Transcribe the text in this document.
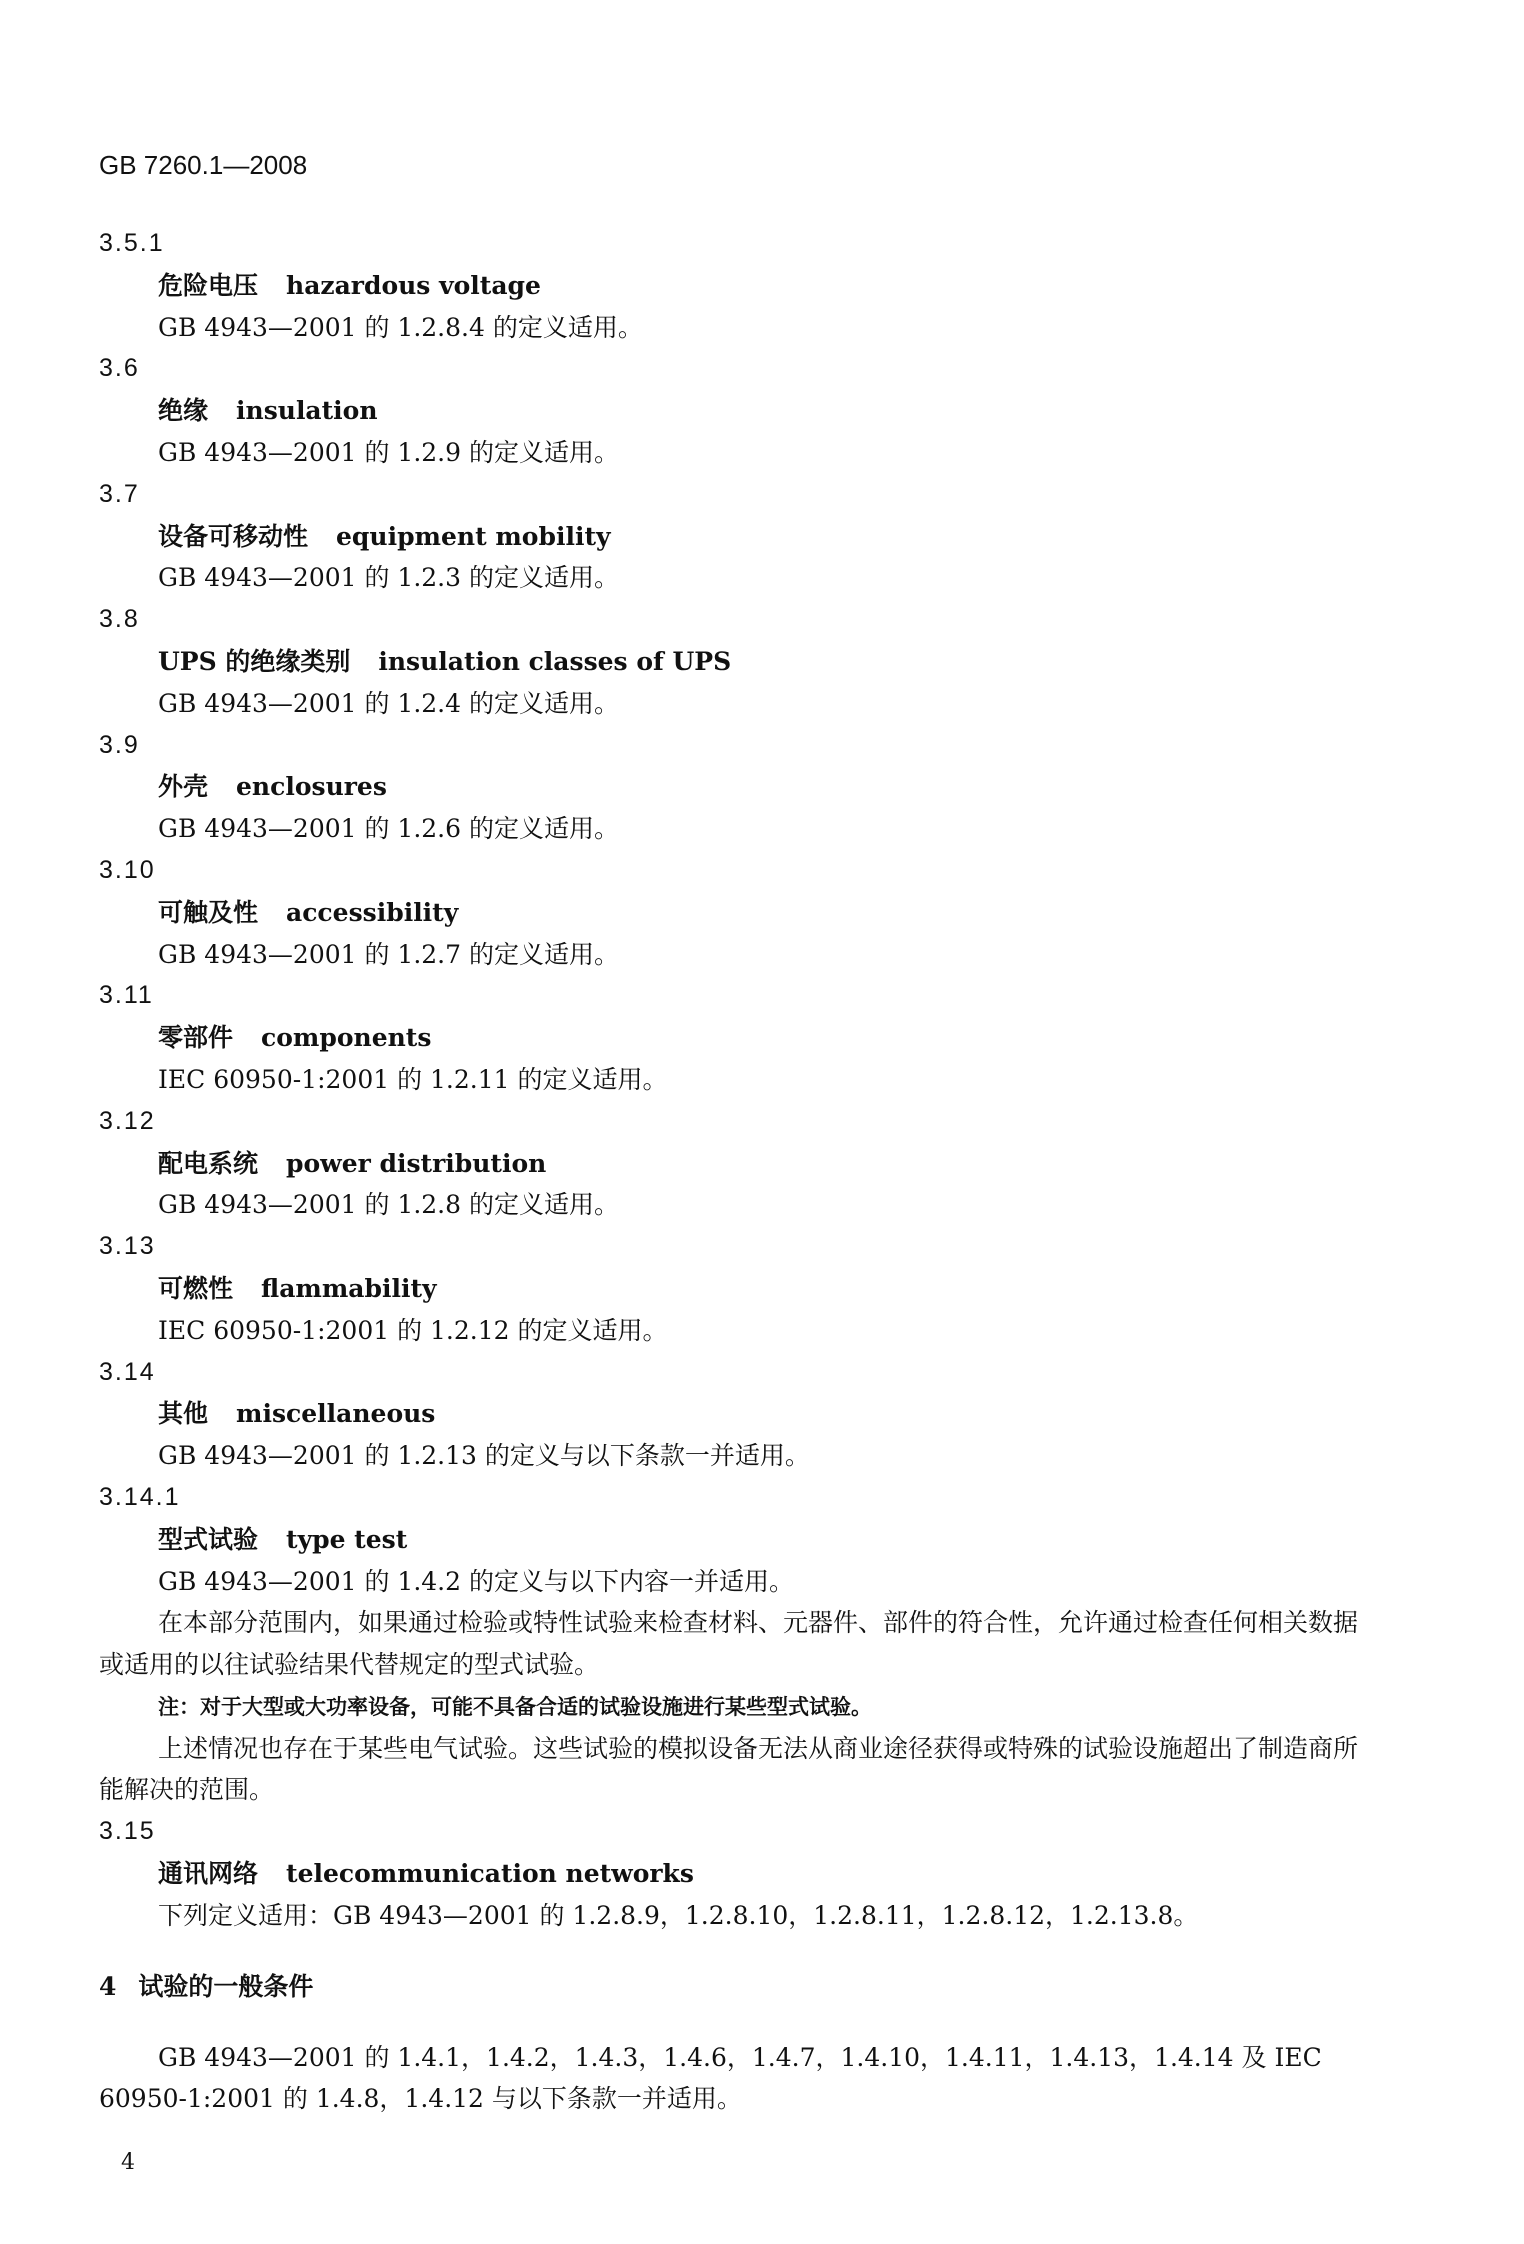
GB 7260.1—2008
3.5.1
危险电压 hazardous voltage
GB 4943—2001 的 1.2.8.4 的定义适用。
3.6
绝缘 insulation
GB 4943—2001 的 1.2.9 的定义适用。
3.7
设备可移动性 equipment mobility
GB 4943—2001 的 1.2.3 的定义适用。
3.8
UPS 的绝缘类别 insulation classes of UPS
GB 4943—2001 的 1.2.4 的定义适用。
3.9
外壳 enclosures
GB 4943—2001 的 1.2.6 的定义适用。
3.10
可触及性 accessibility
GB 4943—2001 的 1.2.7 的定义适用。
3.11
零部件 components
IEC 60950-1:2001 的 1.2.11 的定义适用。
3.12
配电系统 power distribution
GB 4943—2001 的 1.2.8 的定义适用。
3.13
可燃性 flammability
IEC 60950-1:2001 的 1.2.12 的定义适用。
3.14
其他 miscellaneous
GB 4943—2001 的 1.2.13 的定义与以下条款一并适用。
3.14.1
型式试验 type test
GB 4943—2001 的 1.4.2 的定义与以下内容一并适用。
在本部分范围内，如果通过检验或特性试验来检查材料、元器件、部件的符合性，允许通过检查任何相关数据或适用的以往试验结果代替规定的型式试验。
注：对于大型或大功率设备，可能不具备合适的试验设施进行某些型式试验。
上述情况也存在于某些电气试验。这些试验的模拟设备无法从商业途径获得或特殊的试验设施超出了制造商所能解决的范围。
3.15
通讯网络 telecommunication networks
下列定义适用：GB 4943—2001 的 1.2.8.9，1.2.8.10，1.2.8.11，1.2.8.12，1.2.13.8。
4 试验的一般条件
GB 4943—2001 的 1.4.1，1.4.2，1.4.3，1.4.6，1.4.7，1.4.10，1.4.11，1.4.13，1.4.14 及 IEC 60950-1:2001 的 1.4.8，1.4.12 与以下条款一并适用。
4
